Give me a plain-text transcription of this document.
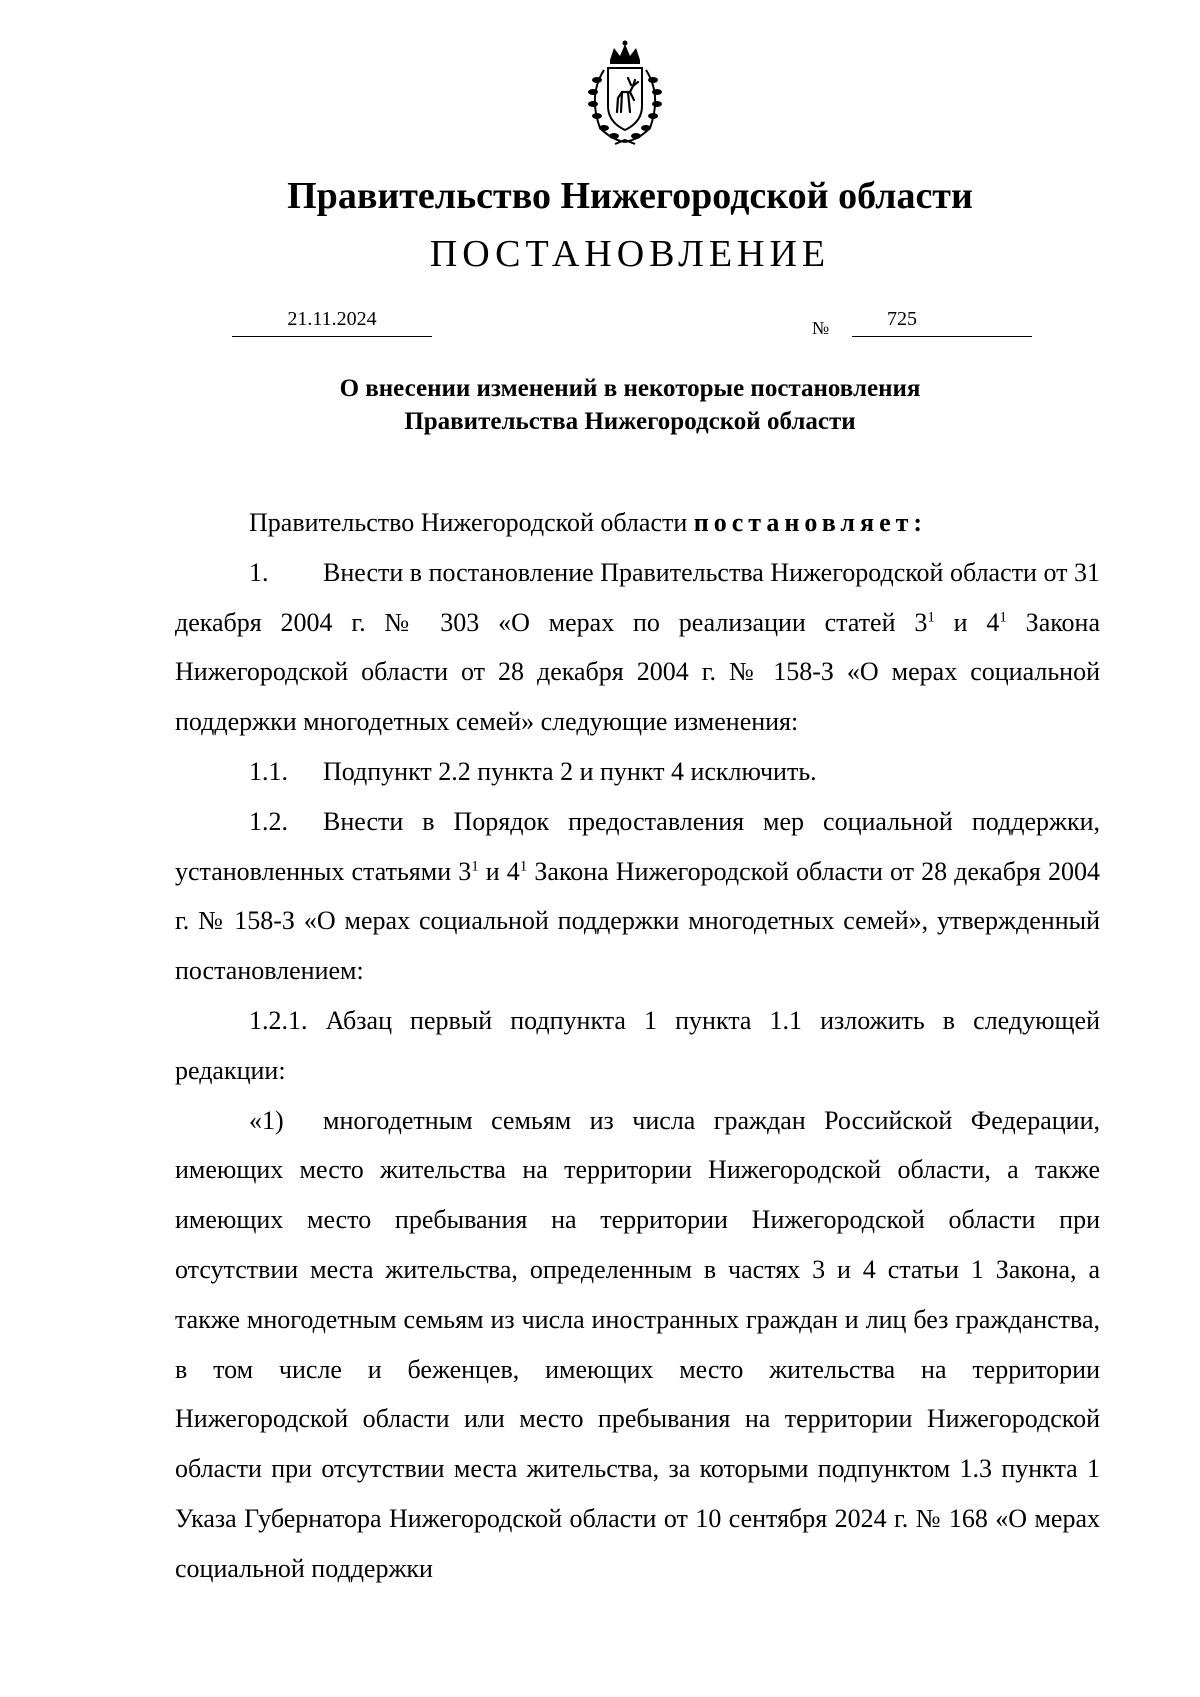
Правительство Нижегородской области
ПОСТАНОВЛЕНИЕ
21.11.2024	№	725
О внесении изменений в некоторые постановления
Правительства Нижегородской области

Правительство Нижегородской области постановляет:

1. Внести в постановление Правительства Нижегородской области от 31 декабря 2004 г. № 303 «О мерах по реализации статей $3^1$ и $4^1$ Закона Нижегородской области от 28 декабря 2004 г. № 158-З «О мерах социальной поддержки многодетных семей» следующие изменения:

1.1. Подпункт 2.2 пункта 2 и пункт 4 исключить.

1.2. Внести в Порядок предоставления мер социальной поддержки, установленных статьями $3^1$ и $4^1$ Закона Нижегородской области от 28 декабря 2004 г. № 158-З «О мерах социальной поддержки многодетных семей», утвержденный постановлением:

1.2.1. Абзац первый подпункта 1 пункта 1.1 изложить в следующей редакции:

«1) многодетным семьям из числа граждан Российской Федерации, имеющих место жительства на территории Нижегородской области, а также имеющих место пребывания на территории Нижегородской области при отсутствии места жительства, определенным в частях 3 и 4 статьи 1 Закона, а также многодетным семьям из числа иностранных граждан и лиц без гражданства, в том числе и беженцев, имеющих место жительства на территории Нижегородской области или место пребывания на территории Нижегородской области при отсутствии места жительства, за которыми подпунктом 1.3 пункта 1 Указа Губернатора Нижегородской области от 10 сентября 2024 г. № 168 «О мерах социальной поддержки
